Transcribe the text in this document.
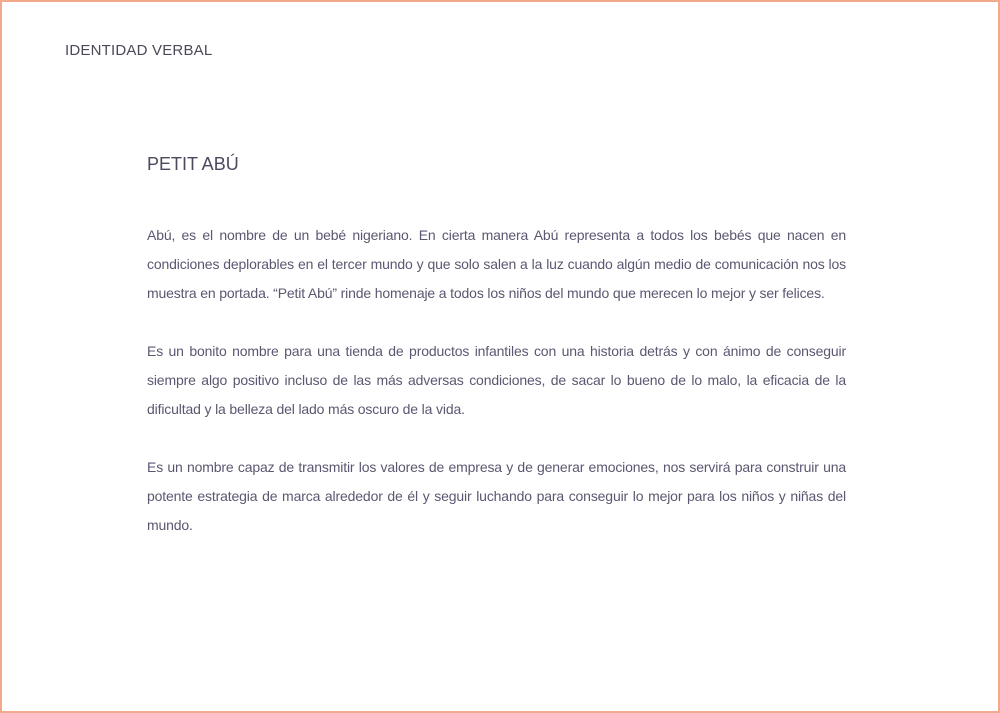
IDENTIDAD VERBAL
PETIT ABÚ

Abú, es el nombre de un bebé nigeriano. En cierta manera Abú representa a todos los bebés que nacen en condiciones deplorables en el tercer mundo y que solo salen a la luz cuando algún medio de comunicación nos los muestra en portada. “Petit Abú” rinde homenaje a todos los niños del mundo que merecen lo mejor y ser felices.

Es un bonito nombre para una tienda de productos infantiles con una historia detrás y con ánimo de conseguir siempre algo positivo incluso de las más adversas condiciones, de sacar lo bueno de lo malo, la eficacia de la dificultad y la belleza del lado más oscuro de la vida.

Es un nombre capaz de transmitir los valores de empresa y de generar emociones, nos servirá para construir una potente estrategia de marca alrededor de él y seguir luchando para conseguir lo mejor para los niños y niñas del mundo.
